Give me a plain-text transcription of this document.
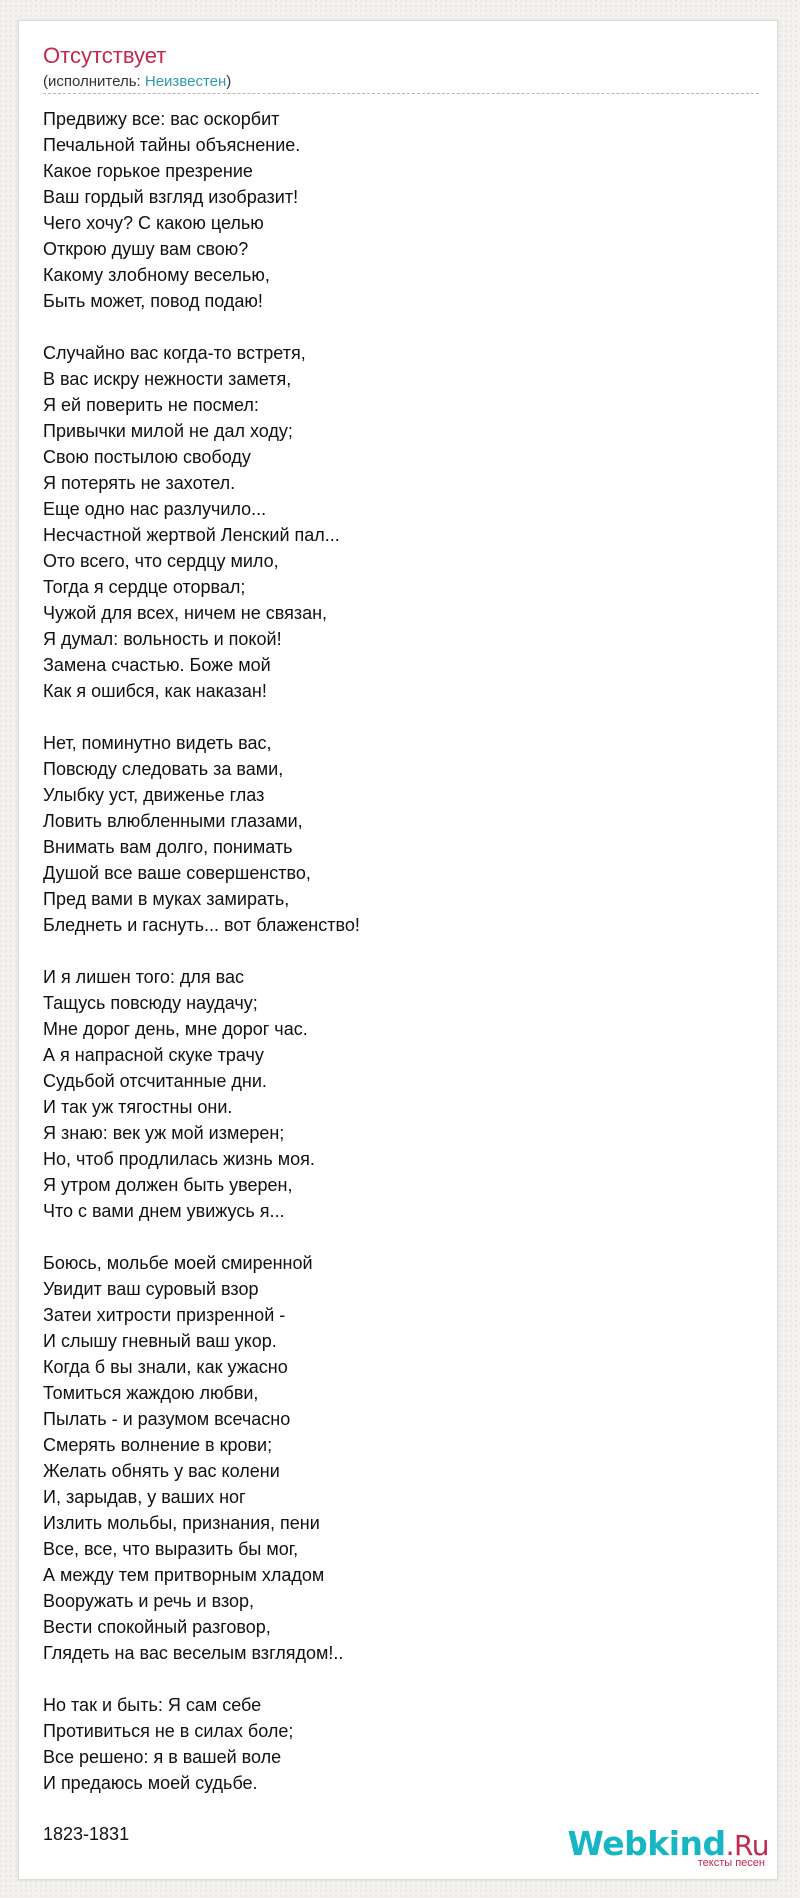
Отсутствует
(исполнитель: Неизвестен)
Предвижу все: вас оскорбит
Печальной тайны объяснение.
Какое горькое презрение
Ваш гордый взгляд изобразит!
Чего хочу? С какою целью
Открою душу вам свою?
Какому злобному веселью,
Быть может, повод подаю!
Случайно вас когда-то встретя,
В вас искру нежности заметя,
Я ей поверить не посмел:
Привычки милой не дал ходу;
Свою постылою свободу
Я потерять не захотел.
Еще одно нас разлучило...
Несчастной жертвой Ленский пал...
Ото всего, что сердцу мило,
Тогда я сердце оторвал;
Чужой для всех, ничем не связан,
Я думал: вольность и покой!
Замена счастью. Боже мой
Как я ошибся, как наказан!
Нет, поминутно видеть вас,
Повсюду следовать за вами,
Улыбку уст, движенье глаз
Ловить влюбленными глазами,
Внимать вам долго, понимать
Душой все ваше совершенство,
Пред вами в муках замирать,
Бледнеть и гаснуть... вот блаженство!
И я лишен того: для вас
Тащусь повсюду наудачу;
Мне дорог день, мне дорог час.
А я напрасной скуке трачу
Судьбой отсчитанные дни.
И так уж тягостны они.
Я знаю: век уж мой измерен;
Но, чтоб продлилась жизнь моя.
Я утром должен быть уверен,
Что с вами днем увижусь я...
Боюсь, мольбе моей смиренной
Увидит ваш суровый взор
Затеи хитрости призренной -
И слышу гневный ваш укор.
Когда б вы знали, как ужасно
Томиться жаждою любви,
Пылать - и разумом всечасно
Смерять волнение в крови;
Желать обнять у вас колени
И, зарыдав, у ваших ног
Излить мольбы, признания, пени
Все, все, что выразить бы мог,
А между тем притворным хладом
Вооружать и речь и взор,
Вести спокойный разговор,
Глядеть на вас веселым взглядом!..
Но так и быть: Я сам себе
Противиться не в силах боле;
Все решено: я в вашей воле
И предаюсь моей судьбе.
1823-1831	Webkind.Ru
тексты песен
